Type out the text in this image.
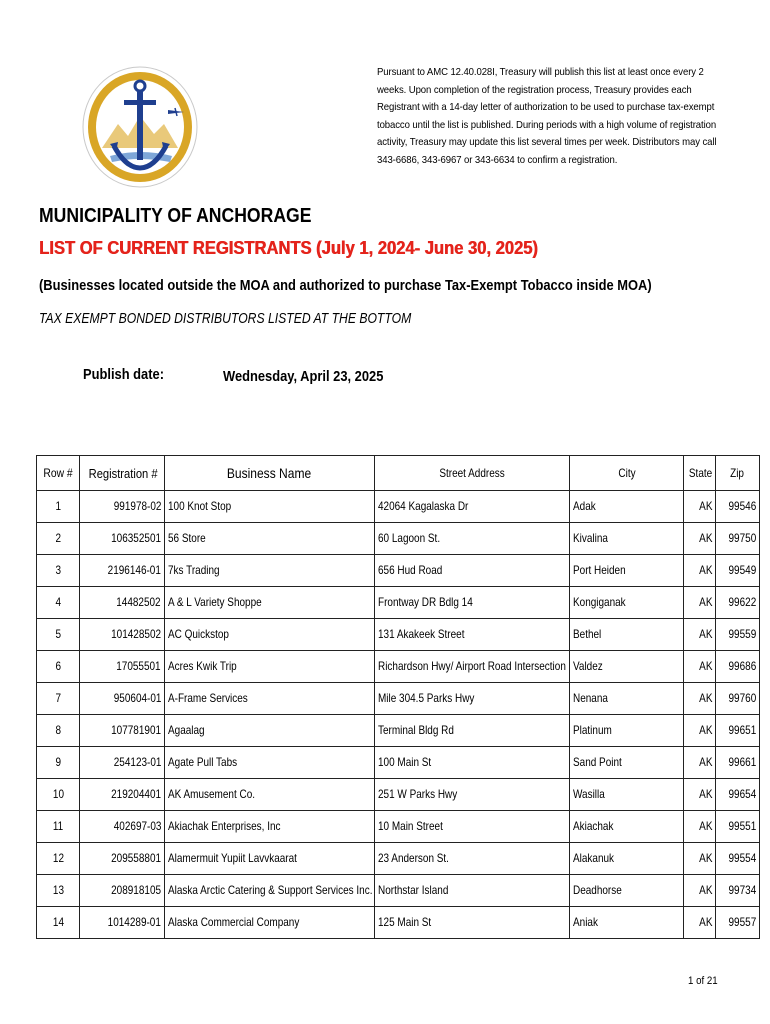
Pursuant to AMC 12.40.028I, Treasury will publish this list at least once every 2 weeks. Upon completion of the registration process, Treasury provides each Registrant with a 14-day letter of authorization to be used to purchase tax-exempt tobacco until the list is published. During periods with a high volume of registration activity, Treasury may update this list several times per week. Distributors may call 343-6686, 343-6967 or 343-6634 to confirm a registration.
MUNICIPALITY OF ANCHORAGE
LIST OF CURRENT REGISTRANTS (July 1, 2024- June 30, 2025)
(Businesses located outside the MOA and authorized to purchase Tax-Exempt Tobacco inside MOA)
TAX EXEMPT BONDED DISTRIBUTORS LISTED AT THE BOTTOM
Publish date:	Wednesday, April 23, 2025
Row #	Registration #	Business Name	Street Address	City	State	Zip
1	991978-02	100 Knot Stop	42064 Kagalaska Dr	Adak	AK	99546
2	106352501	56 Store	60 Lagoon St.	Kivalina	AK	99750
3	2196146-01	7ks Trading	656 Hud Road	Port Heiden	AK	99549
4	14482502	A & L Variety Shoppe	Frontway DR Bdlg 14	Kongiganak	AK	99622
5	101428502	AC Quickstop	131 Akakeek Street	Bethel	AK	99559
6	17055501	Acres Kwik Trip	Richardson Hwy/ Airport Road Intersection	Valdez	AK	99686
7	950604-01	A-Frame Services	Mile 304.5 Parks Hwy	Nenana	AK	99760
8	107781901	Agaalag	Terminal Bldg Rd	Platinum	AK	99651
9	254123-01	Agate Pull Tabs	100 Main St	Sand Point	AK	99661
10	219204401	AK Amusement Co.	251 W Parks Hwy	Wasilla	AK	99654
11	402697-03	Akiachak Enterprises, Inc	10 Main Street	Akiachak	AK	99551
12	209558801	Alamermuit Yupiit Lavvkaarat	23 Anderson St.	Alakanuk	AK	99554
13	208918105	Alaska Arctic Catering & Support Services Inc.	Northstar Island	Deadhorse	AK	99734
14	1014289-01	Alaska Commercial Company	125 Main St	Aniak	AK	99557
1 of 21
